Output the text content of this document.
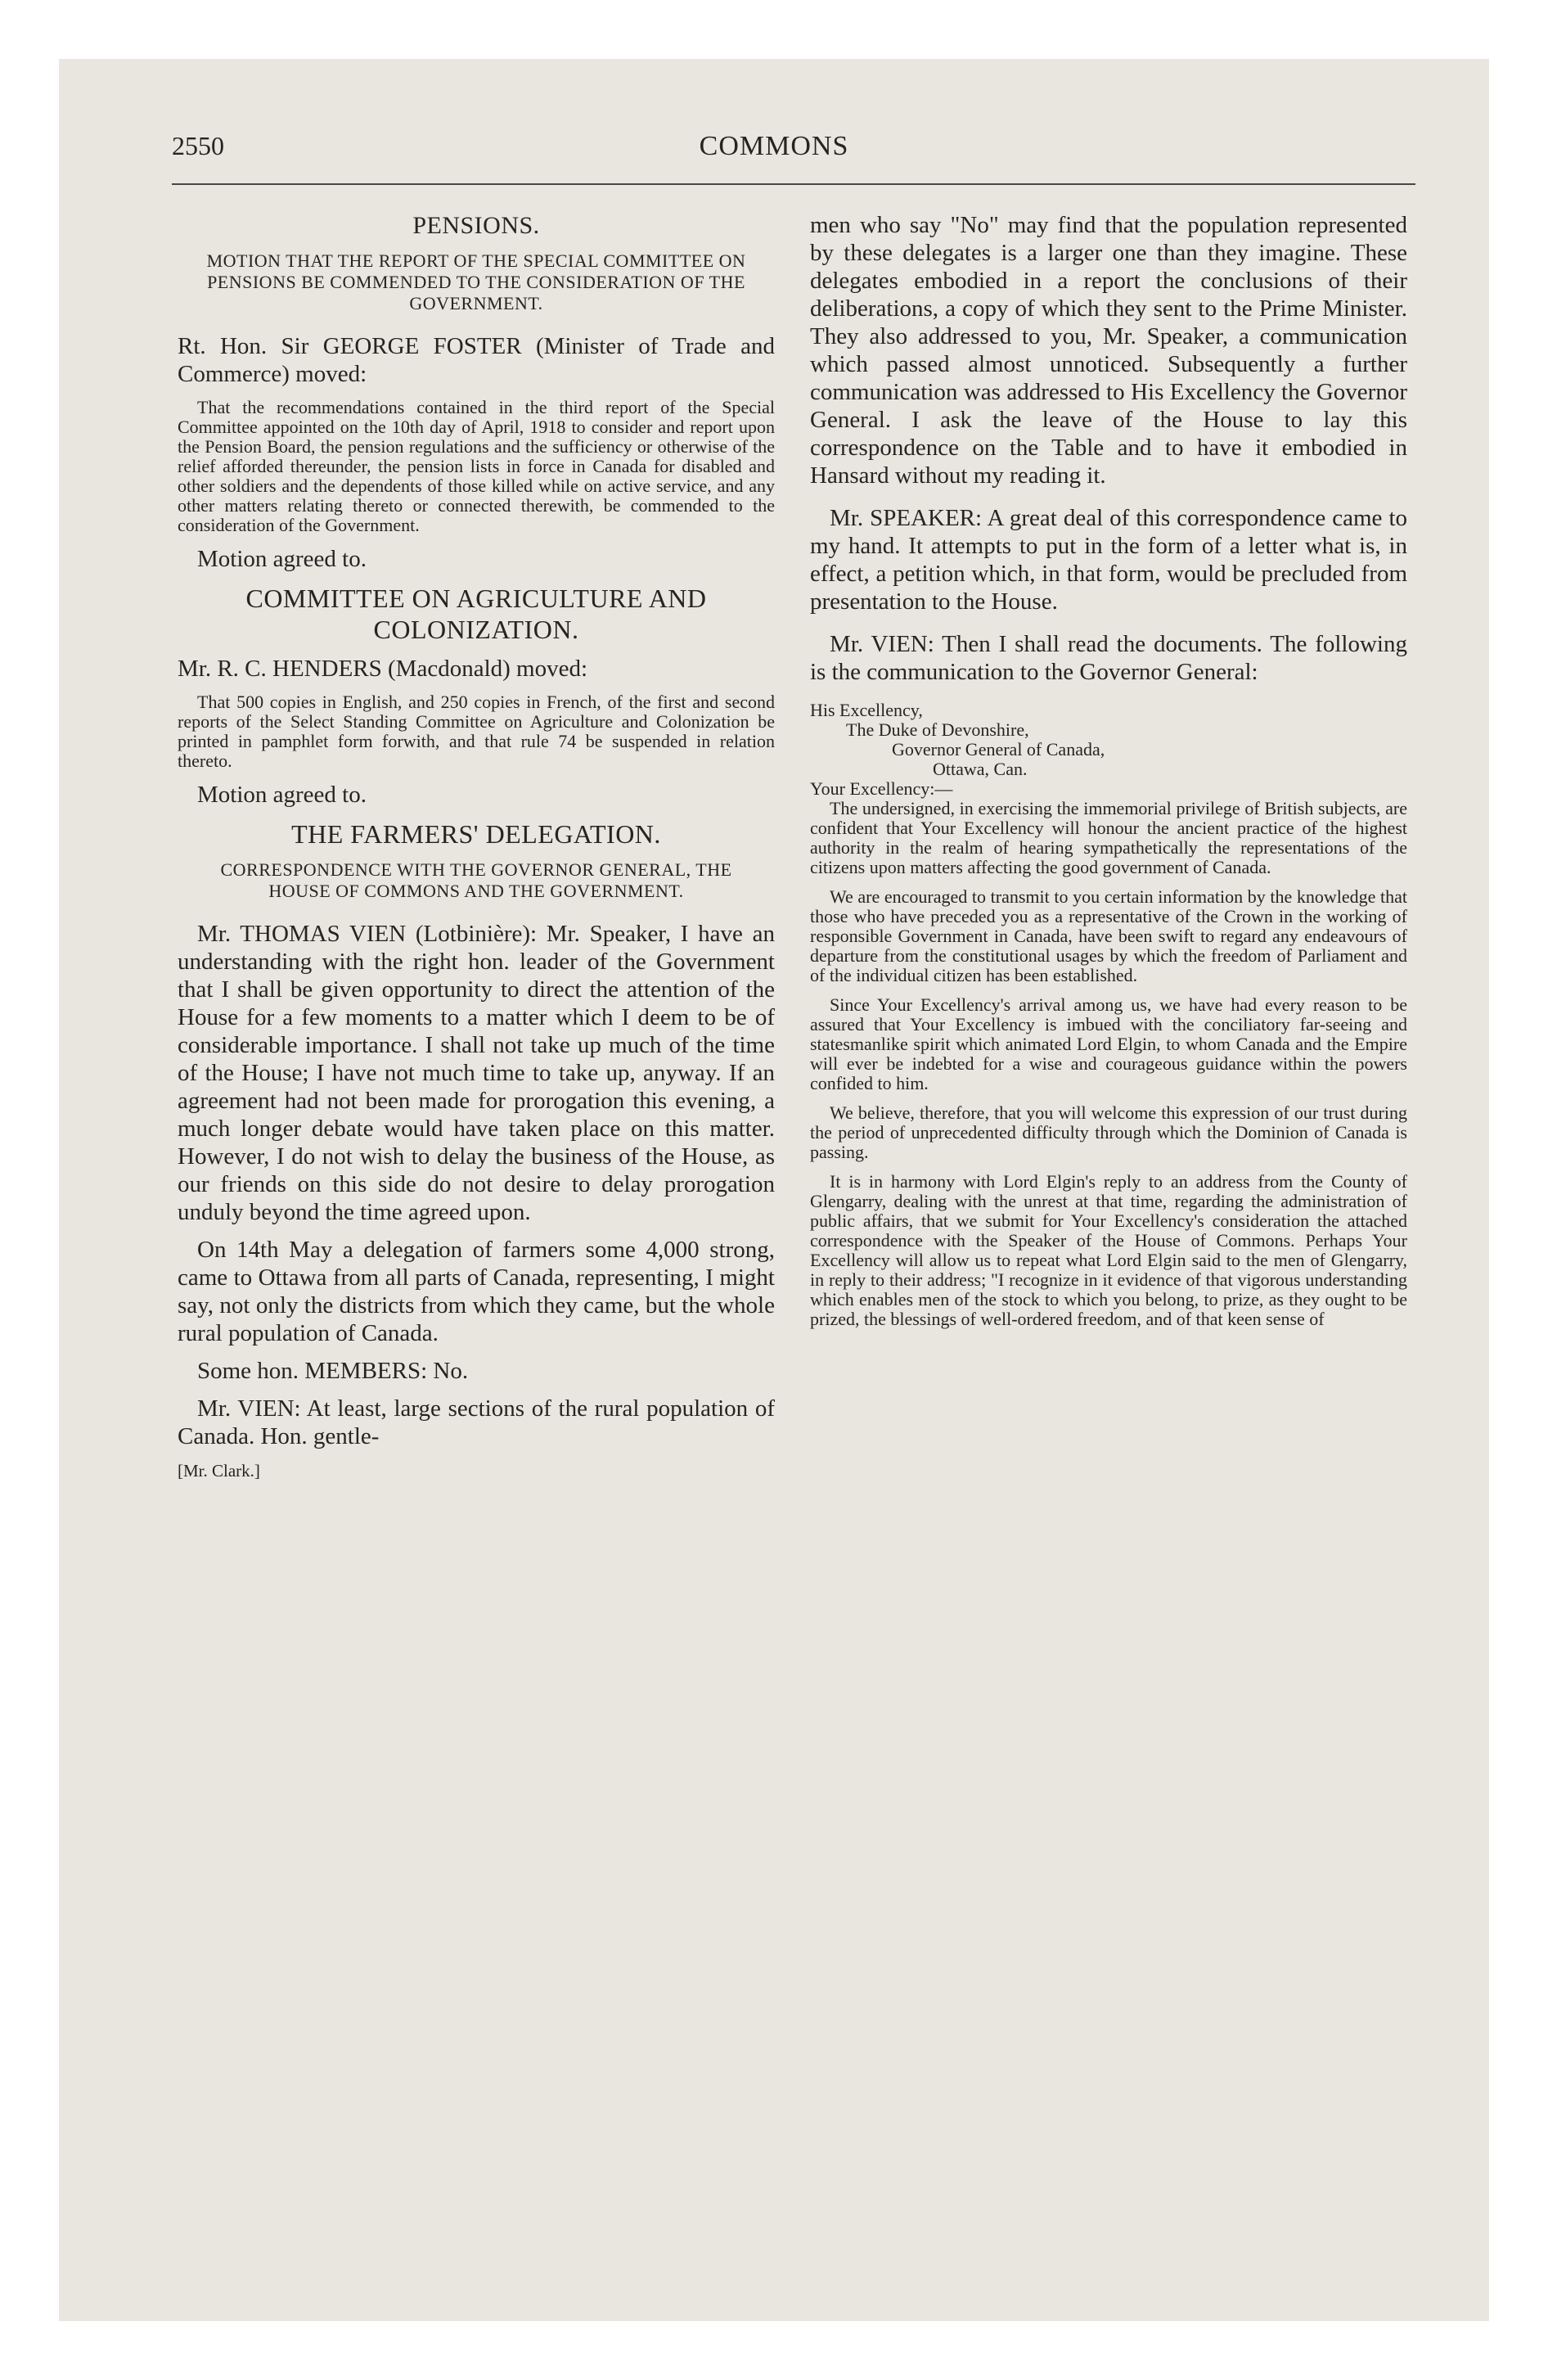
2550	COMMONS
PENSIONS.
MOTION THAT THE REPORT OF THE SPECIAL COMMITTEE ON PENSIONS BE COMMENDED TO THE CONSIDERATION OF THE GOVERNMENT.
Rt. Hon. Sir GEORGE FOSTER (Minister of Trade and Commerce) moved:
That the recommendations contained in the third report of the Special Committee appointed on the 10th day of April, 1918 to consider and report upon the Pension Board, the pension regulations and the sufficiency or otherwise of the relief afforded thereunder, the pension lists in force in Canada for disabled and other soldiers and the dependents of those killed while on active service, and any other matters relating thereto or connected therewith, be commended to the consideration of the Government.
Motion agreed to.
COMMITTEE ON AGRICULTURE AND COLONIZATION.
Mr. R. C. HENDERS (Macdonald) moved:
That 500 copies in English, and 250 copies in French, of the first and second reports of the Select Standing Committee on Agriculture and Colonization be printed in pamphlet form forwith, and that rule 74 be suspended in relation thereto.
Motion agreed to.
THE FARMERS' DELEGATION.
CORRESPONDENCE WITH THE GOVERNOR GENERAL, THE HOUSE OF COMMONS AND THE GOVERNMENT.
Mr. THOMAS VIEN (Lotbinière): Mr. Speaker, I have an understanding with the right hon. leader of the Government that I shall be given opportunity to direct the attention of the House for a few moments to a matter which I deem to be of considerable importance. I shall not take up much of the time of the House; I have not much time to take up, anyway. If an agreement had not been made for prorogation this evening, a much longer debate would have taken place on this matter. However, I do not wish to delay the business of the House, as our friends on this side do not desire to delay prorogation unduly beyond the time agreed upon.
On 14th May a delegation of farmers some 4,000 strong, came to Ottawa from all parts of Canada, representing, I might say, not only the districts from which they came, but the whole rural population of Canada.
Some hon. MEMBERS: No.
Mr. VIEN: At least, large sections of the rural population of Canada. Hon. gentle-
[Mr. Clark.]
men who say "No" may find that the population represented by these delegates is a larger one than they imagine. These delegates embodied in a report the conclusions of their deliberations, a copy of which they sent to the Prime Minister. They also addressed to you, Mr. Speaker, a communication which passed almost unnoticed. Subsequently a further communication was addressed to His Excellency the Governor General. I ask the leave of the House to lay this correspondence on the Table and to have it embodied in Hansard without my reading it.
Mr. SPEAKER: A great deal of this correspondence came to my hand. It attempts to put in the form of a letter what is, in effect, a petition which, in that form, would be precluded from presentation to the House.
Mr. VIEN: Then I shall read the documents. The following is the communication to the Governor General:
His Excellency,
The Duke of Devonshire,
Governor General of Canada,
Ottawa, Can.
Your Excellency:—
The undersigned, in exercising the immemorial privilege of British subjects, are confident that Your Excellency will honour the ancient practice of the highest authority in the realm of hearing sympathetically the representations of the citizens upon matters affecting the good government of Canada.
We are encouraged to transmit to you certain information by the knowledge that those who have preceded you as a representative of the Crown in the working of responsible Government in Canada, have been swift to regard any endeavours of departure from the constitutional usages by which the freedom of Parliament and of the individual citizen has been established.
Since Your Excellency's arrival among us, we have had every reason to be assured that Your Excellency is imbued with the conciliatory far-seeing and statesmanlike spirit which animated Lord Elgin, to whom Canada and the Empire will ever be indebted for a wise and courageous guidance within the powers confided to him.
We believe, therefore, that you will welcome this expression of our trust during the period of unprecedented difficulty through which the Dominion of Canada is passing.
It is in harmony with Lord Elgin's reply to an address from the County of Glengarry, dealing with the unrest at that time, regarding the administration of public affairs, that we submit for Your Excellency's consideration the attached correspondence with the Speaker of the House of Commons. Perhaps Your Excellency will allow us to repeat what Lord Elgin said to the men of Glengarry, in reply to their address; "I recognize in it evidence of that vigorous understanding which enables men of the stock to which you belong, to prize, as they ought to be prized, the blessings of well-ordered freedom, and of that keen sense of
